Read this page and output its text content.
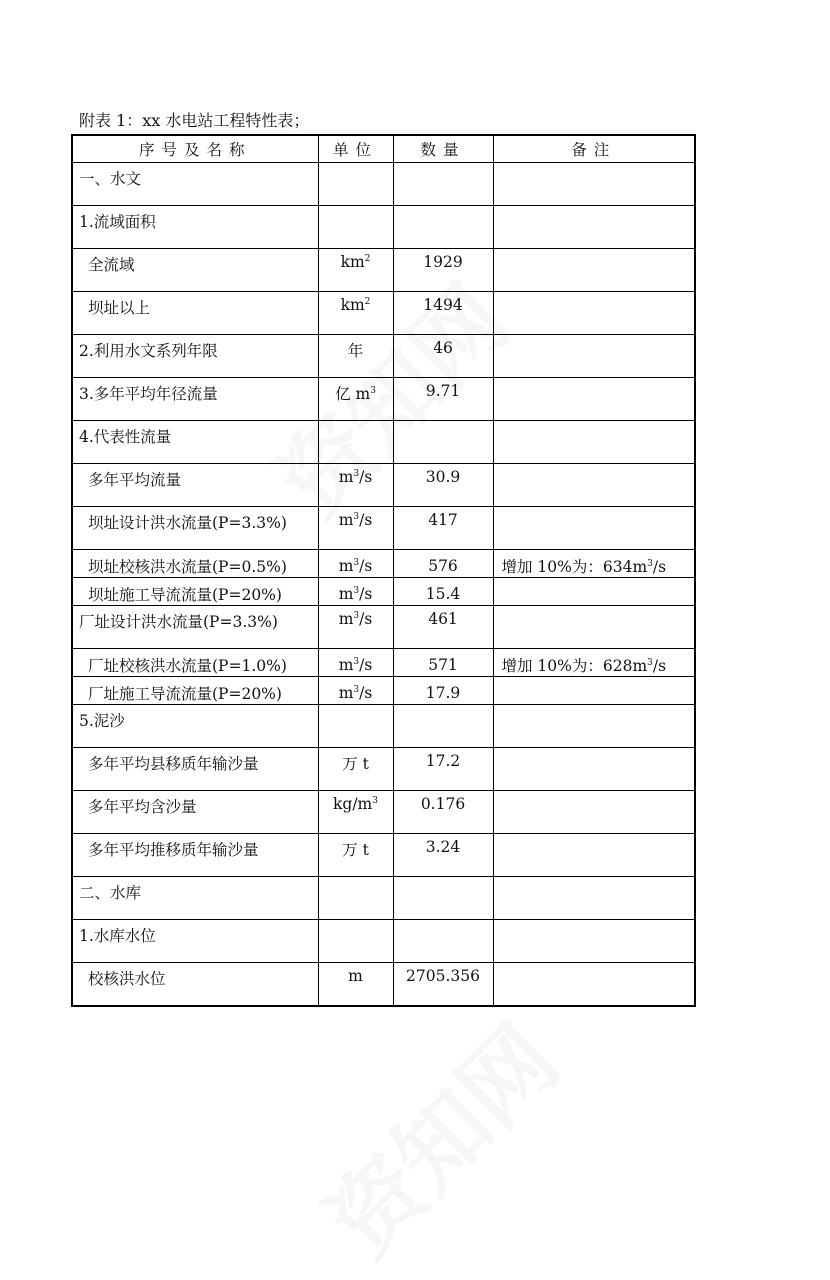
附表 1：xx 水电站工程特性表；
序号及名称	单位	数量	备注

一、水文			

1.流域面积			

全流域	$km^2$	1929	

坝址以上	$km^2$	1494	

2.利用水文系列年限	年	46	

3.多年平均年径流量	亿 $m^3$	9.71	

4.代表性流量			

多年平均流量	$m^3/s$	30.9	

坝址设计洪水流量(P=3.3%)	$m^3/s$	417	

坝址校核洪水流量(P=0.5%)	$m^3/s$	576	增加 10%为：$634m^3/s$

坝址施工导流流量(P=20%)	$m^3/s$	15.4	

厂址设计洪水流量(P=3.3%)	$m^3/s$	461	

厂址校核洪水流量(P=1.0%)	$m^3/s$	571	增加 10%为：$628m^3/s$

厂址施工导流流量(P=20%)	$m^3/s$	17.9	

5.泥沙			

多年平均县移质年输沙量	万 t	17.2	

多年平均含沙量	$kg/m^3$	0.176	

多年平均推移质年输沙量	万 t	3.24	

二、水库			

1.水库水位			

校核洪水位	m	2705.356	
